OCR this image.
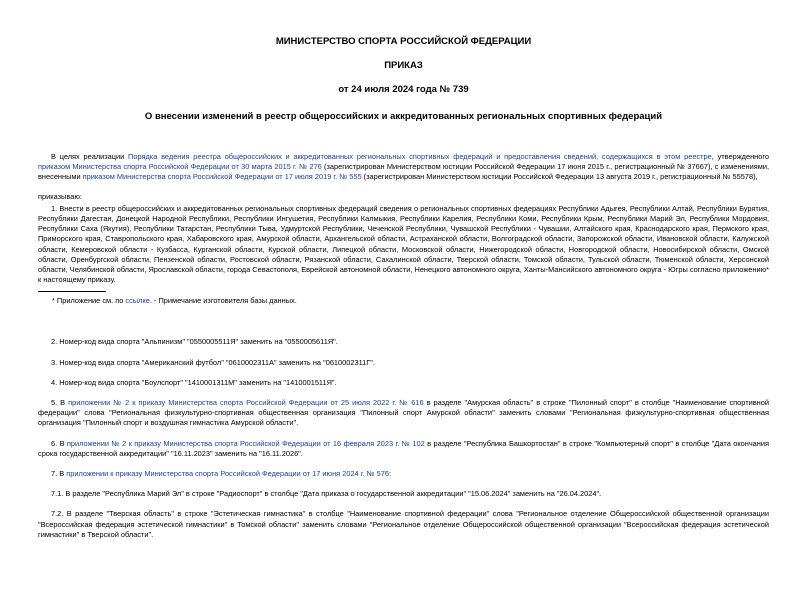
МИНИСТЕРСТВО СПОРТА РОССИЙСКОЙ ФЕДЕРАЦИИ
ПРИКАЗ
от 24 июля 2024 года № 739
О внесении изменений в реестр общероссийских и аккредитованных региональных спортивных федераций

В целях реализации Порядка ведения реестра общероссийских и аккредитованных региональных спортивных федераций и предоставления сведений, содержащихся в этом реестре, утвержденного приказом Министерства спорта Российской Федерации от 30 марта 2015 г. № 276 (зарегистрирован Министерством юстиции Российской Федерации 17 июня 2015 г., регистрационный № 37667), с изменениями, внесенными приказом Министерства спорта Российской Федерации от 17 июля 2019 г. № 555 (зарегистрирован Министерством юстиции Российской Федерации 13 августа 2019 г., регистрационный № 55578),

приказываю:

1. Внести в реестр общероссийских и аккредитованных региональных спортивных федераций сведения о региональных спортивных федерациях Республики Адыгея, Республики Алтай, Республики Бурятия, Республики Дагестан, Донецкой Народной Республики, Республики Ингушетия, Республики Калмыкия, Республики Карелия, Республики Коми, Республики Крым, Республики Марий Эл, Республики Мордовия, Республики Саха (Якутия), Республики Татарстан, Республики Тыва, Удмуртской Республики, Чеченской Республики, Чувашской Республики - Чувашии, Алтайского края, Краснодарского края, Пермского края, Приморского края, Ставропольского края, Хабаровского края, Амурской области, Архангельской области, Астраханской области, Волгоградской области, Запорожской области, Ивановской области, Калужской области, Кемеровской области - Кузбасса, Курганской области, Курской области, Липецкой области, Московской области, Нижегородской области, Новгородской области, Новосибирской области, Омской области, Оренбургской области, Пензенской области, Ростовской области, Рязанской области, Сахалинской области, Тверской области, Томской области, Тульской области, Тюменской области, Херсонской области, Челябинской области, Ярославской области, города Севастополя, Еврейской автономной области, Ненецкого автономного округа, Ханты-Мансийского автономного округа - Югры согласно приложению* к настоящему приказу.

* Приложение см. по ссылке. - Примечание изготовителя базы данных.

2. Номер-код вида спорта "Альпинизм" "0550005511Я" заменить на "0550005611Я".

3. Номер-код вида спорта "Американский футбол" "0610002311А" заменить на "0610002311Г".

4. Номер-код вида спорта "Боулспорт" "1410001311М" заменить на "1410001511Я".

5. В приложении № 2 к приказу Министерства спорта Российской Федерации от 25 июля 2022 г. № 616 в разделе "Амурская область" в строке "Пилонный спорт" в столбце "Наименование спортивной федерации" слова "Региональная физкультурно-спортивная общественная организация "Пилонный спорт Амурской области" заменить словами "Региональная физкультурно-спортивная общественная организация "Пилонный спорт и воздушная гимнастика Амурской области".

6. В приложении № 2 к приказу Министерства спорта Российской Федерации от 16 февраля 2023 г. № 102 в разделе "Республика Башкортостан" в строке "Компьютерный спорт" в столбце "Дата окончания срока государственной аккредитации" "16.11.2023" заменить на "16.11.2026".

7. В приложении к приказу Министерства спорта Российской Федерации от 17 июня 2024 г. № 576:

7.1. В разделе "Республика Марий Эл" в строке "Радиоспорт" в столбце "Дата приказа о государственной аккредитации" "15.06.2024" заменить на "26.04.2024".

7.2. В разделе "Тверская область" в строке "Эстетическая гимнастика" в столбце "Наименование спортивной федерации" слова "Региональное отделение Общероссийской общественной организации "Всероссийская федерация эстетической гимнастики" в Томской области" заменить словами "Региональное отделение Общероссийской общественной организации "Всероссийская федерация эстетической гимнастики" в Тверской области".
